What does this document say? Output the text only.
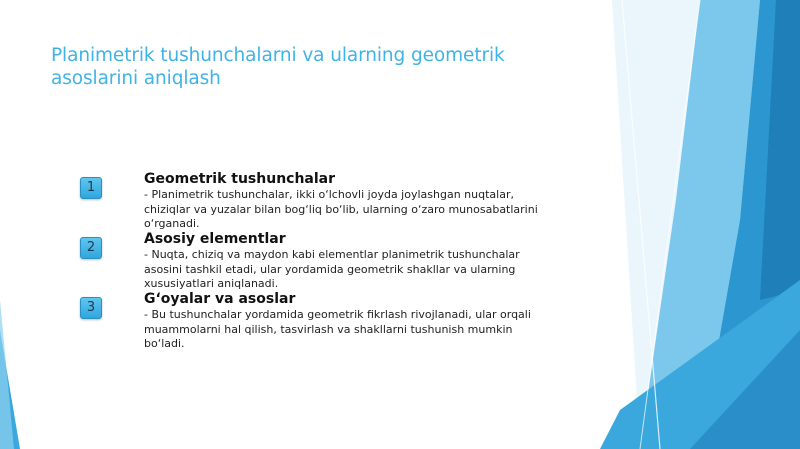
Planimetrik tushunchalarni va ularning geometrik asoslarini aniqlash
1

Geometrik tushunchalar

- Planimetrik tushunchalar, ikki o‘lchovli joyda joylashgan nuqtalar, chiziqlar va yuzalar bilan bog‘liq bo‘lib, ularning o‘zaro munosabatlarini o‘rganadi.

2

Asosiy elementlar

- Nuqta, chiziq va maydon kabi elementlar planimetrik tushunchalar asosini tashkil etadi, ular yordamida geometrik shakllar va ularning xususiyatlari aniqlanadi.

3

G‘oyalar va asoslar

- Bu tushunchalar yordamida geometrik fikrlash rivojlanadi, ular orqali muammolarni hal qilish, tasvirlash va shakllarni tushunish mumkin bo‘ladi.
